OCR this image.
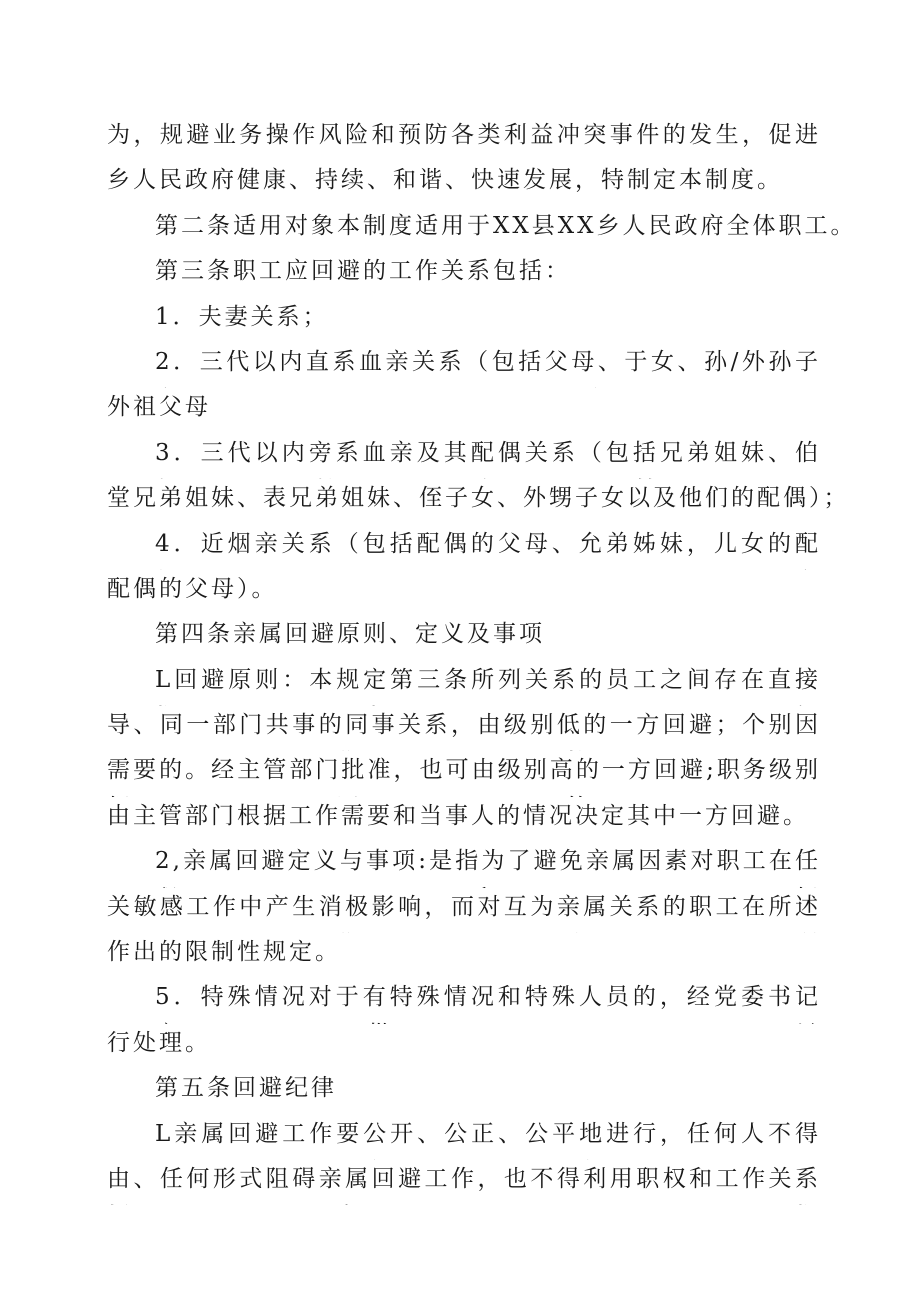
为，规避业务操作风险和预防各类利益冲突事件的发生，促进
乡人民政府健康、持续、和谐、快速发展，特制定本制度。
第二条适用对象本制度适用于XX县XX乡人民政府全体职工。
第三条职工应回避的工作关系包括：
1．夫妻关系；
2．三代以内直系血亲关系（包括父母、于女、孙/外孙子
外祖父母
3．三代以内旁系血亲及其配偶关系（包括兄弟姐妹、伯
堂兄弟姐妹、表兄弟姐妹、侄子女、外甥子女以及他们的配偶）；
4．近烟亲关系（包括配偶的父母、允弟姊妹，儿女的配
配偶的父母）。
第四条亲属回避原则、定义及事项
L回避原则：本规定第三条所列关系的员工之间存在直接
导、同一部门共事的同事关系，由级别低的一方回避；个别因
需要的。经主管部门批准，也可由级别高的一方回避;职务级别
由主管部门根据工作需要和当事人的情况决定其中一方回避。
2,亲属回避定义与事项:是指为了避免亲属因素对职工在任
关敏感工作中产生消极影响，而对互为亲属关系的职工在所述
作出的限制性规定。
5．特殊情况对于有特殊情况和特殊人员的，经党委书记
行处理。
第五条回避纪律
L亲属回避工作要公开、公正、公平地进行，任何人不得
由、任何形式阻碍亲属回避工作，也不得利用职权和工作关系
